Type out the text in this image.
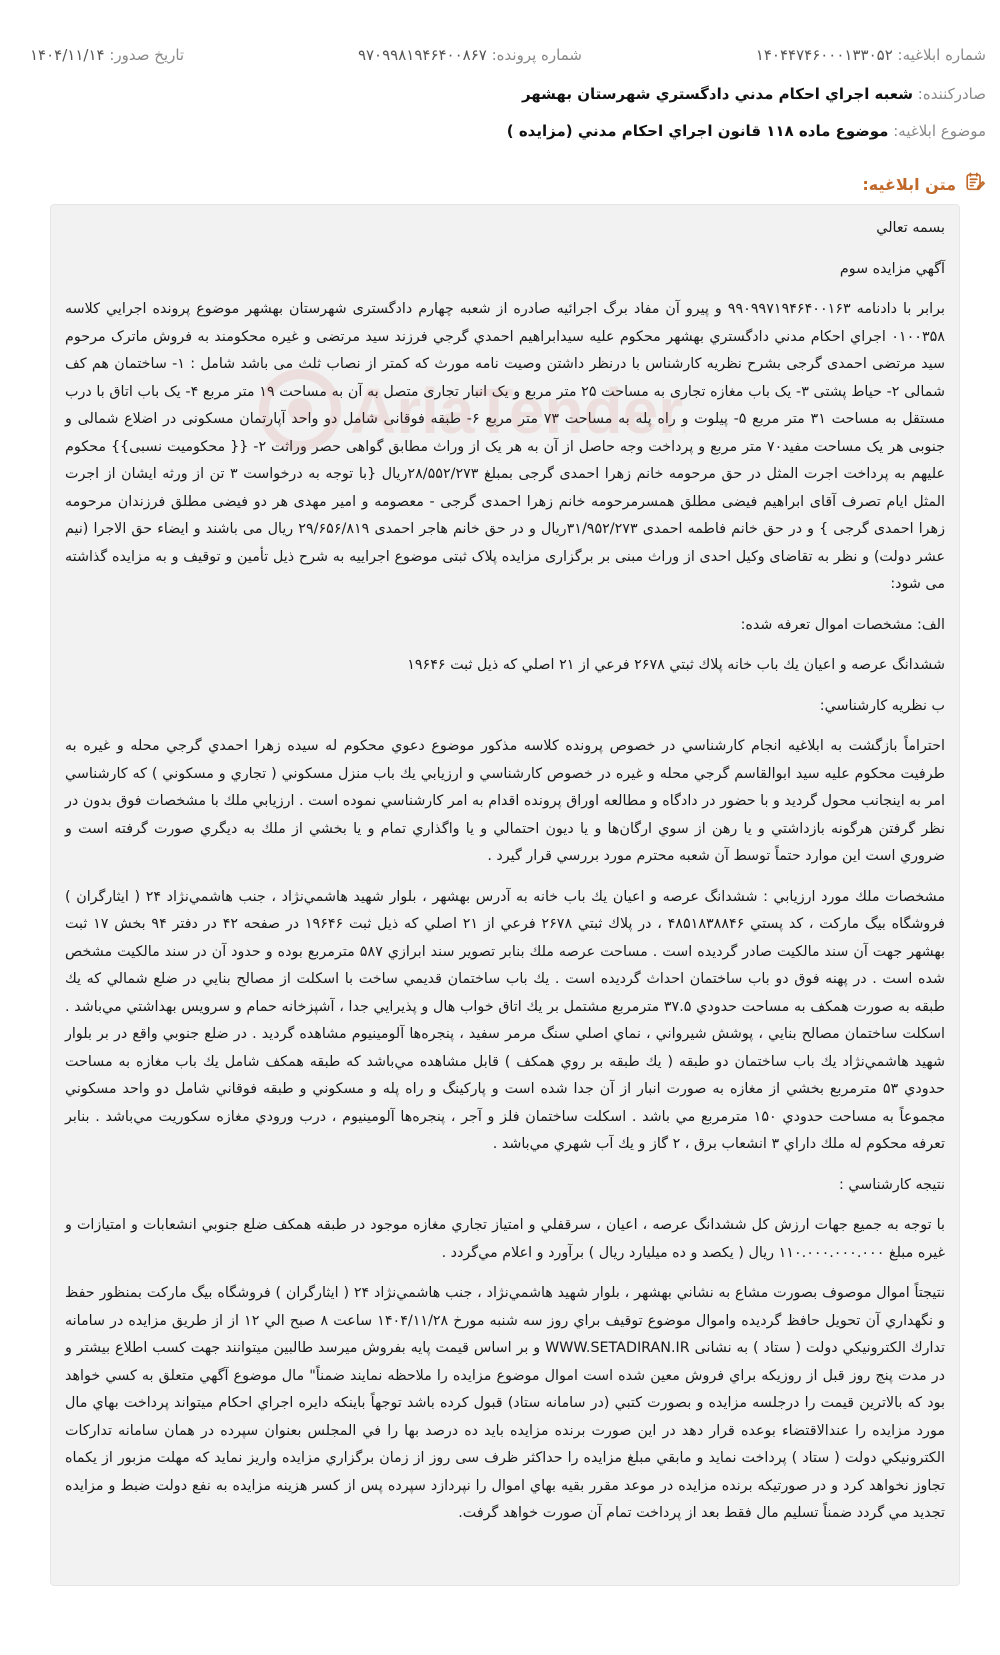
شماره ابلاغيه: ۱۴۰۴۴۷۴۶۰۰۰۱۳۳۰۵۲
شماره پرونده: ۹۷۰۹۹۸۱۹۴۶۴۰۰۸۶۷
تاريخ صدور: ۱۴۰۴/۱۱/۱۴
صادرکننده: شعبه اجراي احکام مدني دادگستري شهرستان بهشهر
موضوع ابلاغيه: موضوع ماده ۱۱۸ قانون اجراي احکام مدني (مزايده )
متن ابلاغيه:

بسمه تعالي

آگهي مزايده سوم

برابر با دادنامه ۹۹۰۹۹۷۱۹۴۶۴۰۰۱۶۳ و پيرو آن مفاد برگ اجرائيه صادره از شعبه چهارم دادگستری شهرستان بهشهر موضوع پرونده اجرايي کلاسه ۰۱۰۰۳۵۸ اجراي احکام مدني دادگستري بهشهر محکوم عليه سيدابراهيم احمدي گرجي فرزند سيد مرتضی و غيره محکومند به فروش ماترک مرحوم سيد مرتضی احمدی گرجی بشرح نظريه کارشناس با درنظر داشتن وصيت نامه مورث که کمتر از نصاب ثلث می باشد شامل : ۱- ساختمان هم کف شمالی ۲- حياط پشتی ۳- يک باب مغازه تجاری به مساحت ۲۵ متر مربع و يک انبار تجاری متصل به آن به مساحت ۱۹ متر مربع ۴- يک باب اتاق با درب مستقل به مساحت ۳۱ متر مربع ۵- پيلوت و راه پله به مساحت ۷۳ متر مربع ۶- طبقه فوقانی شامل دو واحد آپارتمان مسکونی در اضلاع شمالی و جنوبی هر يک مساحت مفيد۷۰ متر مربع و پرداخت وجه حاصل از آن به هر يک از وراث مطابق گواهی حصر وراثت ۲- {{ محکوميت نسبی}} محکوم عليهم به پرداخت اجرت المثل در حق مرحومه خانم زهرا احمدی گرجی بمبلغ ۲۸/۵۵۲/۲۷۳ريال {با توجه به درخواست ۳ تن از ورثه ايشان از اجرت المثل ايام تصرف آقای ابراهيم فيضی مطلق همسرمرحومه خانم زهرا احمدی گرجی - معصومه و امير مهدی هر دو فيضی مطلق فرزندان مرحومه زهرا احمدی گرجی } و در حق خانم فاطمه احمدی ۳۱/۹۵۲/۲۷۳ريال و در حق خانم هاجر احمدی ۲۹/۶۵۶/۸۱۹ ريال می باشند و ايضاء حق الاجرا (نيم عشر دولت) و نظر به تقاضای وکيل احدی از وراث مبنی بر برگزاری مزايده پلاک ثبتی موضوع اجراييه به شرح ذيل تأمين و توقيف و به مزايده گذاشته می شود:

الف: مشخصات اموال تعرفه شده:

ششدانگ عرصه و اعيان يك باب خانه پلاك ثبتي ۲۶۷۸ فرعي از ۲۱ اصلي كه ذيل ثبت ۱۹۶۴۶

ب نظريه کارشناسي:

احتراماً بازگشت به ابلاغيه انجام كارشناسي در خصوص پرونده كلاسه مذكور موضوع دعوي محكوم له سيده زهرا احمدي گرجي محله و غيره به طرفيت محكوم عليه سيد ابوالقاسم گرجي محله و غيره در خصوص كارشناسي و ارزيابي يك باب منزل مسكوني ( تجاري و مسكوني ) كه كارشناسي امر به اينجانب محول گرديد و با حضور در دادگاه و مطالعه اوراق پرونده اقدام به امر كارشناسي نموده است . ارزيابي ملك با مشخصات فوق بدون در نظر گرفتن هرگونه بازداشتي و يا رهن از سوي ارگان‌ها و يا ديون احتمالي و يا واگذاري تمام و يا بخشي از ملك به ديگري صورت گرفته است و ضروري است اين موارد حتماً توسط آن شعبه محترم مورد بررسي قرار گيرد .

مشخصات ملك مورد ارزيابي : ششدانگ عرصه و اعيان يك باب خانه به آدرس بهشهر ، بلوار شهيد هاشمي‌نژاد ، جنب هاشمي‌نژاد ۲۴ ( ايثارگران ) فروشگاه بيگ ماركت ، كد پستي ۴۸۵۱۸۳۸۸۴۶ ، در پلاك ثبتي ۲۶۷۸ فرعي از ۲۱ اصلي كه ذيل ثبت ۱۹۶۴۶ در صفحه ۴۲ در دفتر ۹۴ بخش ۱۷ ثبت بهشهر جهت آن سند مالكيت صادر گرديده است . مساحت عرصه ملك بنابر تصوير سند ابرازي ۵۸۷ مترمربع بوده و حدود آن در سند مالكيت مشخص شده است . در پهنه فوق دو باب ساختمان احداث گرديده است . يك باب ساختمان قديمي ساخت با اسكلت از مصالح بنايي در ضلع شمالي كه يك طبقه به صورت همكف به مساحت حدودي ۳۷.۵ مترمربع مشتمل بر يك اتاق خواب هال و پذيرايي جدا ، آشپزخانه حمام و سرويس بهداشتي مي‌باشد . اسكلت ساختمان مصالح بنايي ، پوشش شيرواني ، نماي اصلي سنگ مرمر سفيد ، پنجره‌ها آلومينيوم مشاهده گرديد . در ضلع جنوبي واقع در بر بلوار شهيد هاشمي‌نژاد يك باب ساختمان دو طبقه ( يك طبقه بر روي همكف ) قابل مشاهده مي‌باشد كه طبقه همكف شامل يك باب مغازه به مساحت حدودي ۵۳ مترمربع بخشي از مغازه به صورت انبار از آن جدا شده است و پاركينگ و راه پله و مسكوني و طبقه فوقاني شامل دو واحد مسكوني مجموعاً به مساحت حدودي ۱۵۰ مترمربع مي باشد . اسكلت ساختمان فلز و آجر ، پنجره‌ها آلومينيوم ، درب ورودي مغازه سكوريت مي‌باشد . بنابر تعرفه محكوم له ملك داراي ۳ انشعاب برق ، ۲ گاز و يك آب شهري مي‌باشد .

نتيجه کارشناسي :

با توجه به جميع جهات ارزش كل ششدانگ عرصه ، اعيان ، سرقفلي و امتياز تجاري مغازه موجود در طبقه همكف ضلع جنوبي انشعابات و امتيازات و غيره مبلغ ۱۱۰.۰۰۰.۰۰۰.۰۰۰ ريال ( يكصد و ده ميليارد ريال ) برآورد و اعلام مي‌گردد .

نتيجتاً اموال موصوف بصورت مشاع به نشاني بهشهر ، بلوار شهيد هاشمي‌نژاد ، جنب هاشمي‌نژاد ۲۴ ( ايثارگران ) فروشگاه بيگ ماركت بمنظور حفظ و نگهداري آن تحويل حافظ گرديده واموال موضوع توقيف براي روز سه شنبه مورخ ۱۴۰۴/۱۱/۲۸ ساعت ۸ صبح الي ۱۲ از از طريق مزايده در سامانه تدارك الكترونيكي دولت ( ستاد ) به نشانی WWW.SETADIRAN.IR و بر اساس قيمت پايه بفروش ميرسد طالبين ميتوانند جهت كسب اطلاع بيشتر و در مدت پنج روز قبل از روزيكه براي فروش معين شده است اموال موضوع مزايده را ملاحظه نمايند ضمناً" مال موضوع آگهي متعلق به كسي خواهد بود كه بالاترين قيمت را درجلسه مزايده و بصورت كتبي (در سامانه ستاد) قبول كرده باشد توجهاً باينكه دايره اجراي احكام ميتواند پرداخت بهاي مال مورد مزايده را عندالاقتضاء بوعده قرار دهد در اين صورت برنده مزايده بايد ده درصد بها را في المجلس بعنوان سپرده در همان سامانه تداركات الكترونيكي دولت ( ستاد ) پرداخت نمايد و مابقي مبلغ مزايده را حداكثر ظرف سی روز از زمان برگزاري مزايده واريز نمايد كه مهلت مزبور از يكماه تجاوز نخواهد كرد و در صورتيكه برنده مزايده در موعد مقرر بقيه بهاي اموال را نپردازد سپرده پس از كسر هزينه مزايده به نفع دولت ضبط و مزايده تجديد مي گردد ضمناً تسليم مال فقط بعد از پرداخت تمام آن صورت خواهد گرفت.
